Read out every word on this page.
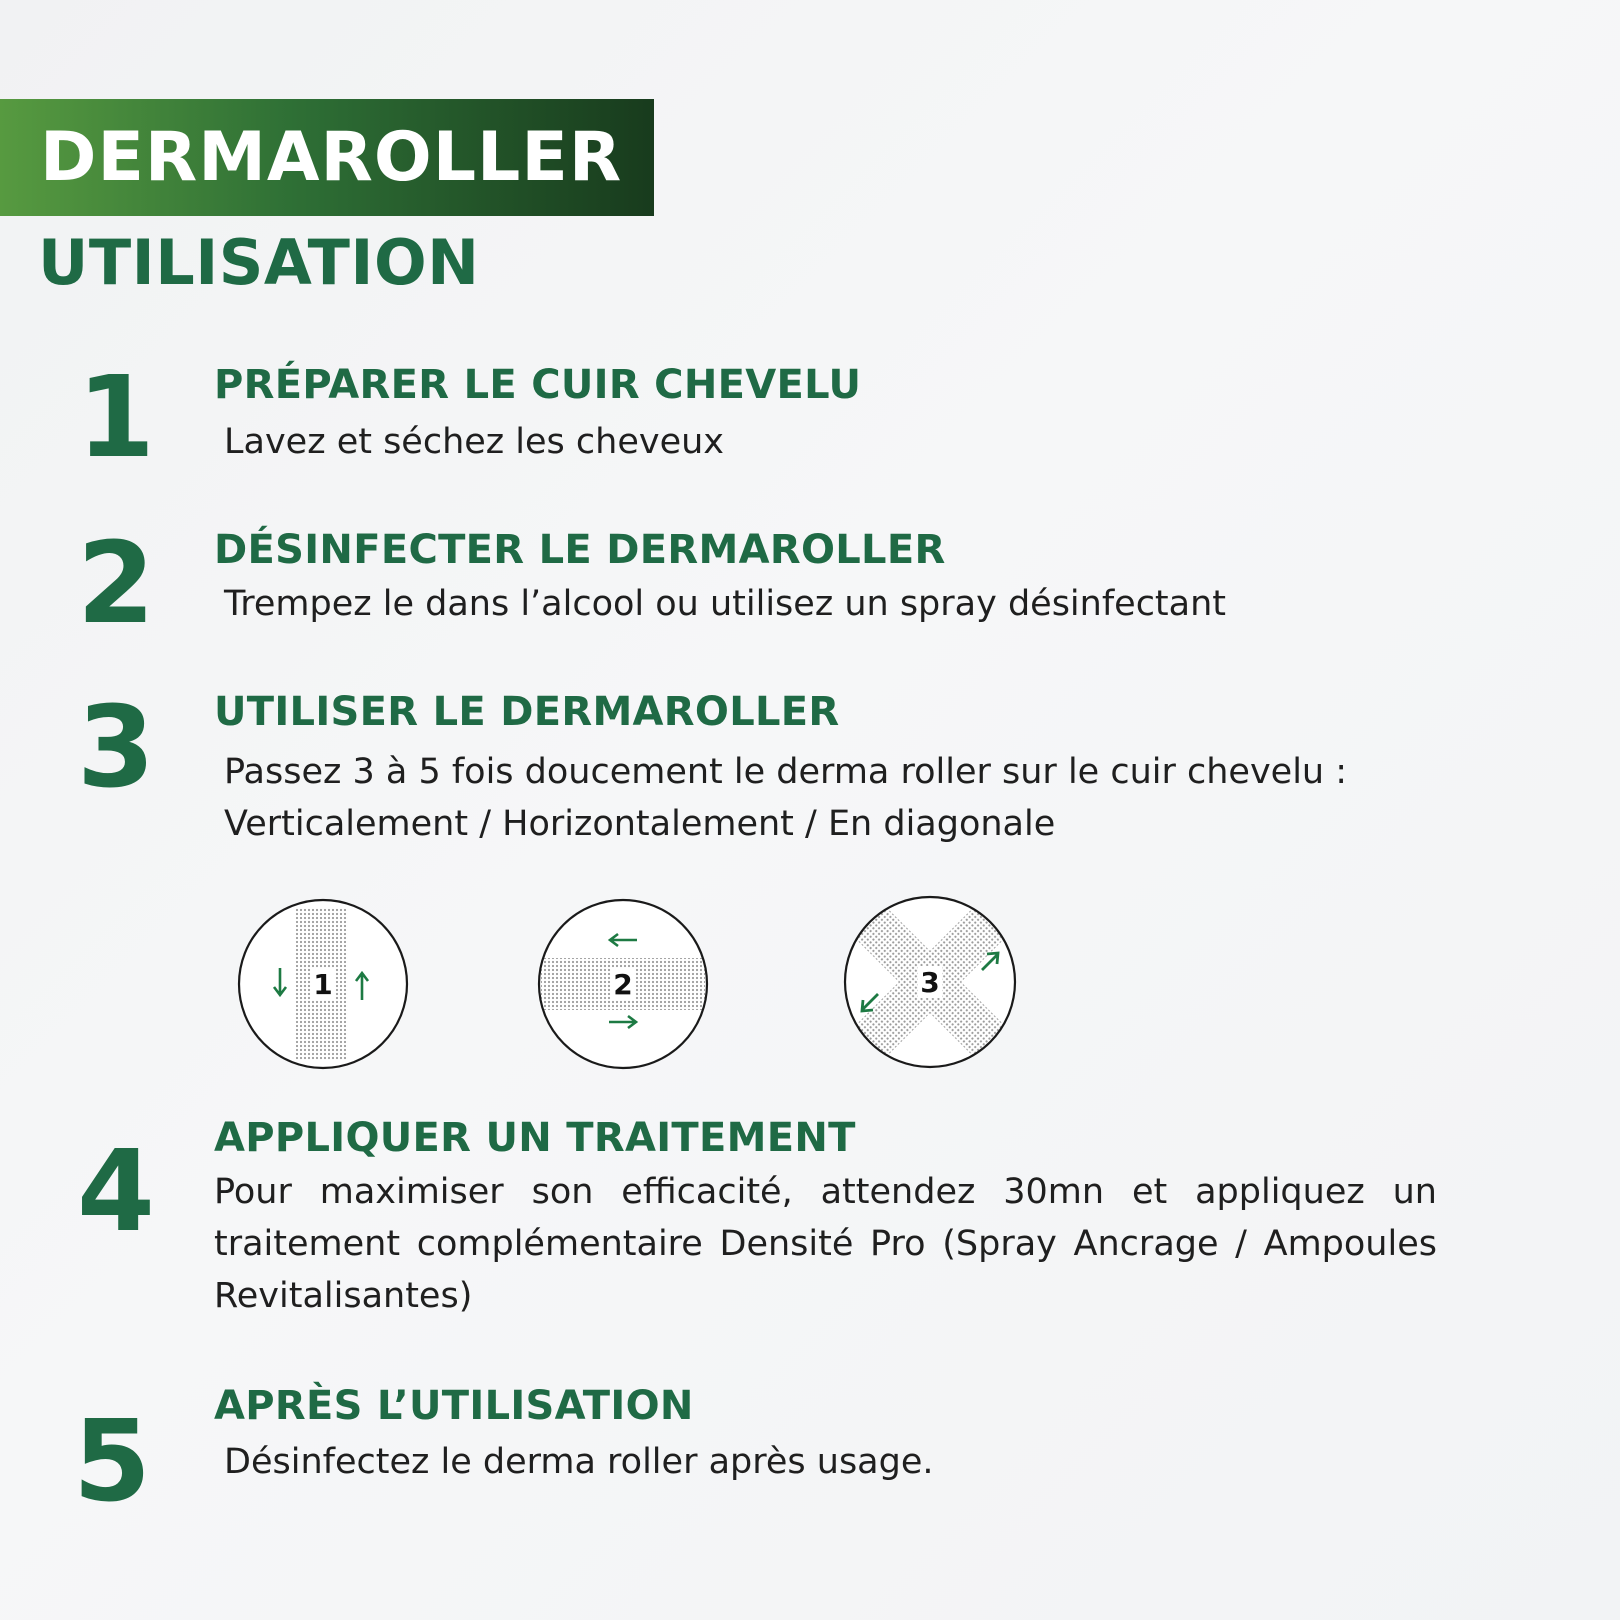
DERMAROLLER
UTILISATION
1	PRÉPARER LE CUIR CHEVELU
Lavez et séchez les cheveux
2	DÉSINFECTER LE DERMAROLLER
Trempez le dans l’alcool ou utilisez un spray désinfectant
3	UTILISER LE DERMAROLLER
Passez 3 à 5 fois doucement le derma roller sur le cuir chevelu :
Verticalement / Horizontalement / En diagonale
1	2	3
4	APPLIQUER UN TRAITEMENT
Pour maximiser son efficacité, attendez 30mn et appliquez un traitement complémentaire Densité Pro (Spray Ancrage / Ampoules Revitalisantes)
5	APRÈS L’UTILISATION
Désinfectez le derma roller après usage.
